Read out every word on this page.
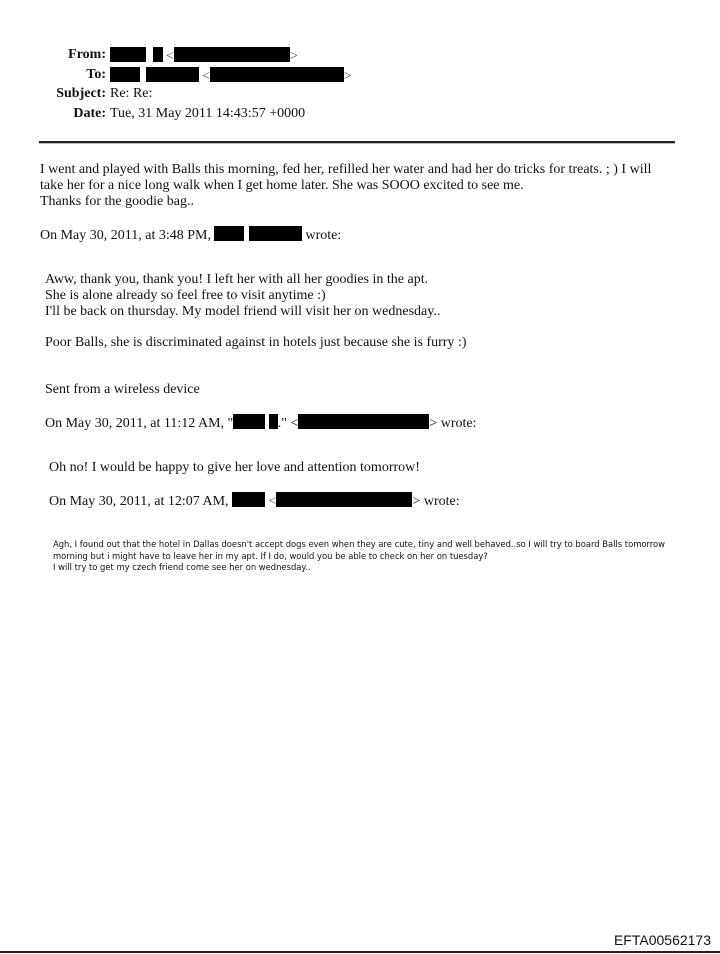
From:	<	>
To:	<	>
Subject: Re: Re:
Date: Tue, 31 May 2011 14:43:57 +0000
I went and played with Balls this morning, fed her, refilled her water and had her do tricks for treats. ; ) I will
take her for a nice long walk when I get home later. She was SOOO excited to see me.
Thanks for the goodie bag..
On May 30, 2011, at 3:48 PM,	wrote:
Aww, thank you, thank you! I left her with all her goodies in the apt.
She is alone already so feel free to visit anytime :)
I'll be back on thursday. My model friend will visit her on wednesday..
Poor Balls, she is discriminated against in hotels just because she is furry :)
Sent from a wireless device
On May 30, 2011, at 11:12 AM, "	." <	> wrote:
Oh no! I would be happy to give her love and attention tomorrow!
On May 30, 2011, at 12:07 AM,	<	> wrote:
Agh, I found out that the hotel in Dallas doesn't accept dogs even when they are cute, tiny and well behaved..so I will try to board Balls tomorrow
morning but i might have to leave her in my apt. If I do, would you be able to check on her on tuesday?
I will try to get my czech friend come see her on wednesday..
EFTA00562173
